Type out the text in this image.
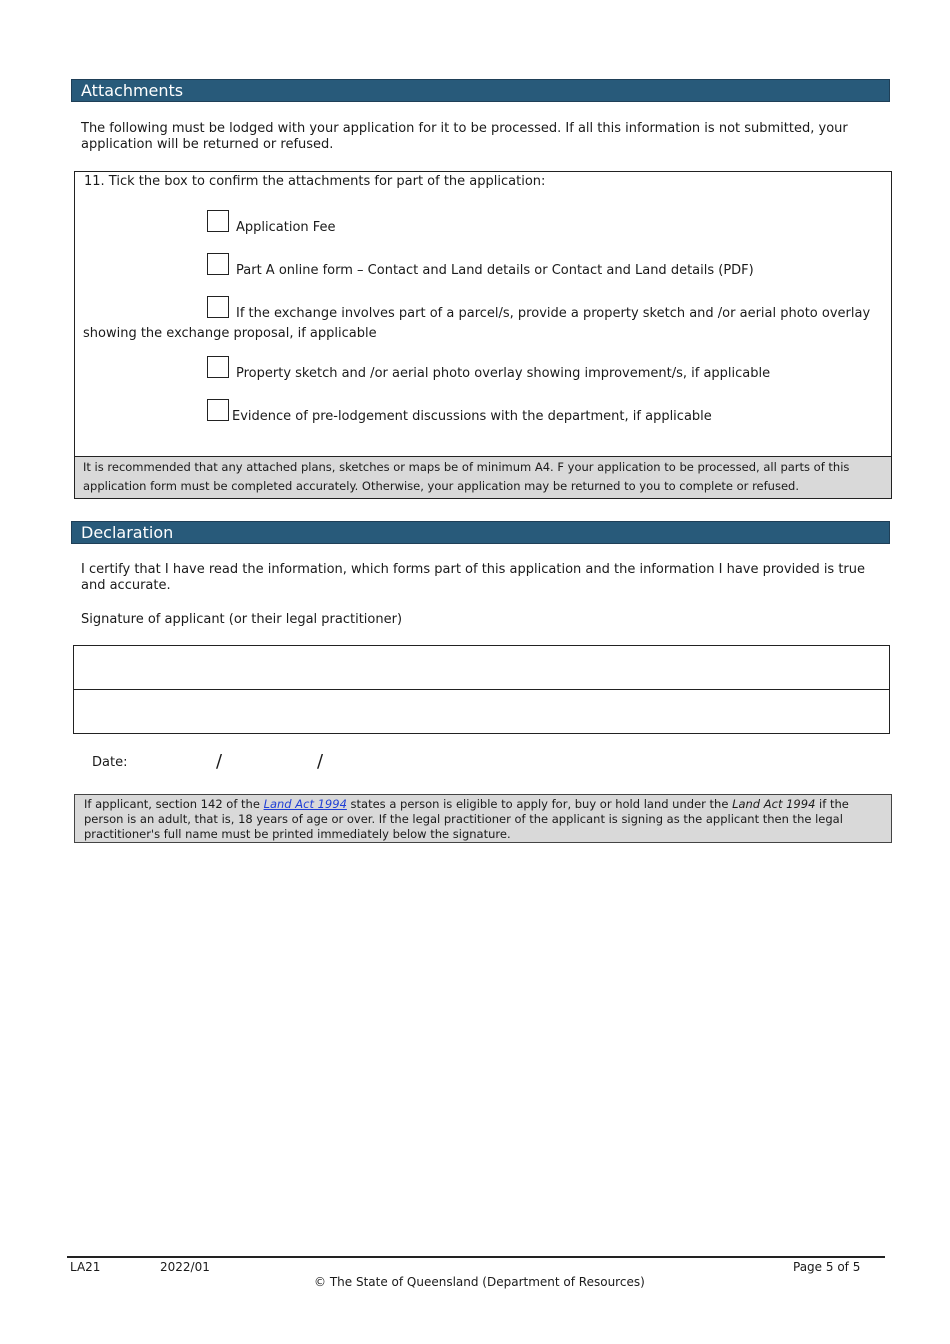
Attachments
The following must be lodged with your application for it to be processed. If all this information is not submitted, your application will be returned or refused.
11. Tick the box to confirm the attachments for part of the application:
Application Fee
Part A online form – Contact and Land details or Contact and Land details (PDF)
If the exchange involves part of a parcel/s, provide a property sketch and /or aerial photo overlay
showing the exchange proposal, if applicable
Property sketch and /or aerial photo overlay showing improvement/s, if applicable
Evidence of pre-lodgement discussions with the department, if applicable
It is recommended that any attached plans, sketches or maps be of minimum A4. F your application to be processed, all parts of this application form must be completed accurately. Otherwise, your application may be returned to you to complete or refused.
Declaration
I certify that I have read the information, which forms part of this application and the information I have provided is true and accurate.
Signature of applicant (or their legal practitioner)
Date:	/	/
If applicant, section 142 of the Land Act 1994 states a person is eligible to apply for, buy or hold land under the Land Act 1994 if the person is an adult, that is, 18 years of age or over. If the legal practitioner of the applicant is signing as the applicant then the legal practitioner's full name must be printed immediately below the signature.
LA21	2022/01	Page 5 of 5
© The State of Queensland (Department of Resources)
